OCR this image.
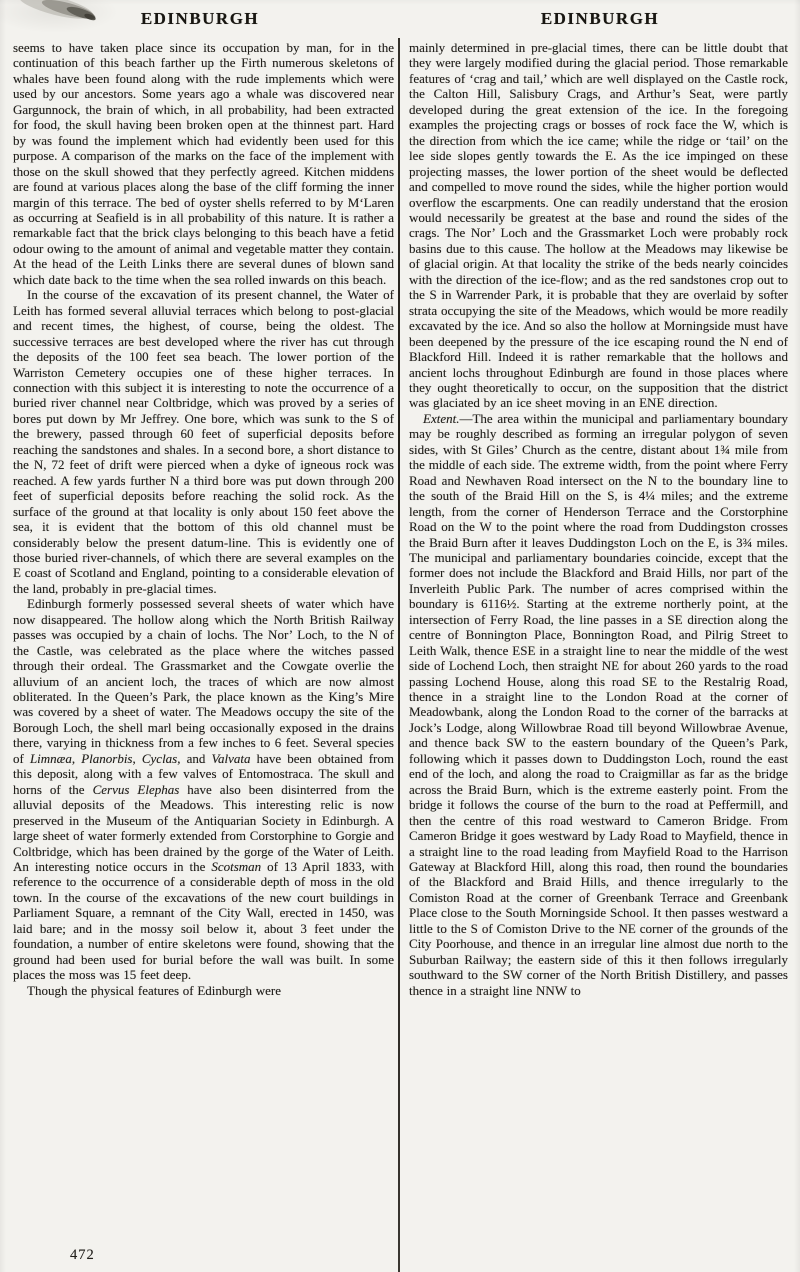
EDINBURGH	EDINBURGH

seems to have taken place since its occupation by man, for in the continuation of this beach farther up the Firth numerous skeletons of whales have been found along with the rude implements which were used by our ancestors. Some years ago a whale was discovered near Gargunnock, the brain of which, in all probability, had been extracted for food, the skull having been broken open at the thinnest part. Hard by was found the implement which had evidently been used for this purpose. A comparison of the marks on the face of the implement with those on the skull showed that they perfectly agreed. Kitchen middens are found at various places along the base of the cliff forming the inner margin of this terrace. The bed of oyster shells referred to by M‘Laren as occurring at Seafield is in all probability of this nature. It is rather a remarkable fact that the brick clays belonging to this beach have a fetid odour owing to the amount of animal and vegetable matter they contain. At the head of the Leith Links there are several dunes of blown sand which date back to the time when the sea rolled inwards on this beach.

In the course of the excavation of its present channel, the Water of Leith has formed several alluvial terraces which belong to post-glacial and recent times, the highest, of course, being the oldest. The successive terraces are best developed where the river has cut through the deposits of the 100 feet sea beach. The lower portion of the Warriston Cemetery occupies one of these higher terraces. In connection with this subject it is interesting to note the occurrence of a buried river channel near Coltbridge, which was proved by a series of bores put down by Mr Jeffrey. One bore, which was sunk to the S of the brewery, passed through 60 feet of superficial deposits before reaching the sandstones and shales. In a second bore, a short distance to the N, 72 feet of drift were pierced when a dyke of igneous rock was reached. A few yards further N a third bore was put down through 200 feet of superficial deposits before reaching the solid rock. As the surface of the ground at that locality is only about 150 feet above the sea, it is evident that the bottom of this old channel must be considerably below the present datum-line. This is evidently one of those buried river-channels, of which there are several examples on the E coast of Scotland and England, pointing to a considerable elevation of the land, probably in pre-glacial times.

Edinburgh formerly possessed several sheets of water which have now disappeared. The hollow along which the North British Railway passes was occupied by a chain of lochs. The Nor’ Loch, to the N of the Castle, was celebrated as the place where the witches passed through their ordeal. The Grassmarket and the Cowgate overlie the alluvium of an ancient loch, the traces of which are now almost obliterated. In the Queen’s Park, the place known as the King’s Mire was covered by a sheet of water. The Meadows occupy the site of the Borough Loch, the shell marl being occasionally exposed in the drains there, varying in thickness from a few inches to 6 feet. Several species of Limnæa, Planorbis, Cyclas, and Valvata have been obtained from this deposit, along with a few valves of Entomostraca. The skull and horns of the Cervus Elephas have also been disinterred from the alluvial deposits of the Meadows. This interesting relic is now preserved in the Museum of the Antiquarian Society in Edinburgh. A large sheet of water formerly extended from Corstorphine to Gorgie and Coltbridge, which has been drained by the gorge of the Water of Leith. An interesting notice occurs in the Scotsman of 13 April 1833, with reference to the occurrence of a considerable depth of moss in the old town. In the course of the excavations of the new court buildings in Parliament Square, a remnant of the City Wall, erected in 1450, was laid bare; and in the mossy soil below it, about 3 feet under the foundation, a number of entire skeletons were found, showing that the ground had been used for burial before the wall was built. In some places the moss was 15 feet deep.

Though the physical features of Edinburgh were

mainly determined in pre-glacial times, there can be little doubt that they were largely modified during the glacial period. Those remarkable features of ‘crag and tail,’ which are well displayed on the Castle rock, the Calton Hill, Salisbury Crags, and Arthur’s Seat, were partly developed during the great extension of the ice. In the foregoing examples the projecting crags or bosses of rock face the W, which is the direction from which the ice came; while the ridge or ‘tail’ on the lee side slopes gently towards the E. As the ice impinged on these projecting masses, the lower portion of the sheet would be deflected and compelled to move round the sides, while the higher portion would overflow the escarpments. One can readily understand that the erosion would necessarily be greatest at the base and round the sides of the crags. The Nor’ Loch and the Grassmarket Loch were probably rock basins due to this cause. The hollow at the Meadows may likewise be of glacial origin. At that locality the strike of the beds nearly coincides with the direction of the ice-flow; and as the red sandstones crop out to the S in Warrender Park, it is probable that they are overlaid by softer strata occupying the site of the Meadows, which would be more readily excavated by the ice. And so also the hollow at Morningside must have been deepened by the pressure of the ice escaping round the N end of Blackford Hill. Indeed it is rather remarkable that the hollows and ancient lochs throughout Edinburgh are found in those places where they ought theoretically to occur, on the supposition that the district was glaciated by an ice sheet moving in an ENE direction.

Extent.—The area within the municipal and parliamentary boundary may be roughly described as forming an irregular polygon of seven sides, with St Giles’ Church as the centre, distant about 1¾ mile from the middle of each side. The extreme width, from the point where Ferry Road and Newhaven Road intersect on the N to the boundary line to the south of the Braid Hill on the S, is 4¼ miles; and the extreme length, from the corner of Henderson Terrace and the Corstorphine Road on the W to the point where the road from Duddingston crosses the Braid Burn after it leaves Duddingston Loch on the E, is 3¾ miles. The municipal and parliamentary boundaries coincide, except that the former does not include the Blackford and Braid Hills, nor part of the Inverleith Public Park. The number of acres comprised within the boundary is 6116½. Starting at the extreme northerly point, at the intersection of Ferry Road, the line passes in a SE direction along the centre of Bonnington Place, Bonnington Road, and Pilrig Street to Leith Walk, thence ESE in a straight line to near the middle of the west side of Lochend Loch, then straight NE for about 260 yards to the road passing Lochend House, along this road SE to the Restalrig Road, thence in a straight line to the London Road at the corner of Meadowbank, along the London Road to the corner of the barracks at Jock’s Lodge, along Willowbrae Road till beyond Willowbrae Avenue, and thence back SW to the eastern boundary of the Queen’s Park, following which it passes down to Duddingston Loch, round the east end of the loch, and along the road to Craigmillar as far as the bridge across the Braid Burn, which is the extreme easterly point. From the bridge it follows the course of the burn to the road at Peffermill, and then the centre of this road westward to Cameron Bridge. From Cameron Bridge it goes westward by Lady Road to Mayfield, thence in a straight line to the road leading from Mayfield Road to the Harrison Gateway at Blackford Hill, along this road, then round the boundaries of the Blackford and Braid Hills, and thence irregularly to the Comiston Road at the corner of Greenbank Terrace and Greenbank Place close to the South Morningside School. It then passes westward a little to the S of Comiston Drive to the NE corner of the grounds of the City Poorhouse, and thence in an irregular line almost due north to the Suburban Railway; the eastern side of this it then follows irregularly southward to the SW corner of the North British Distillery, and passes thence in a straight line NNW to

472
